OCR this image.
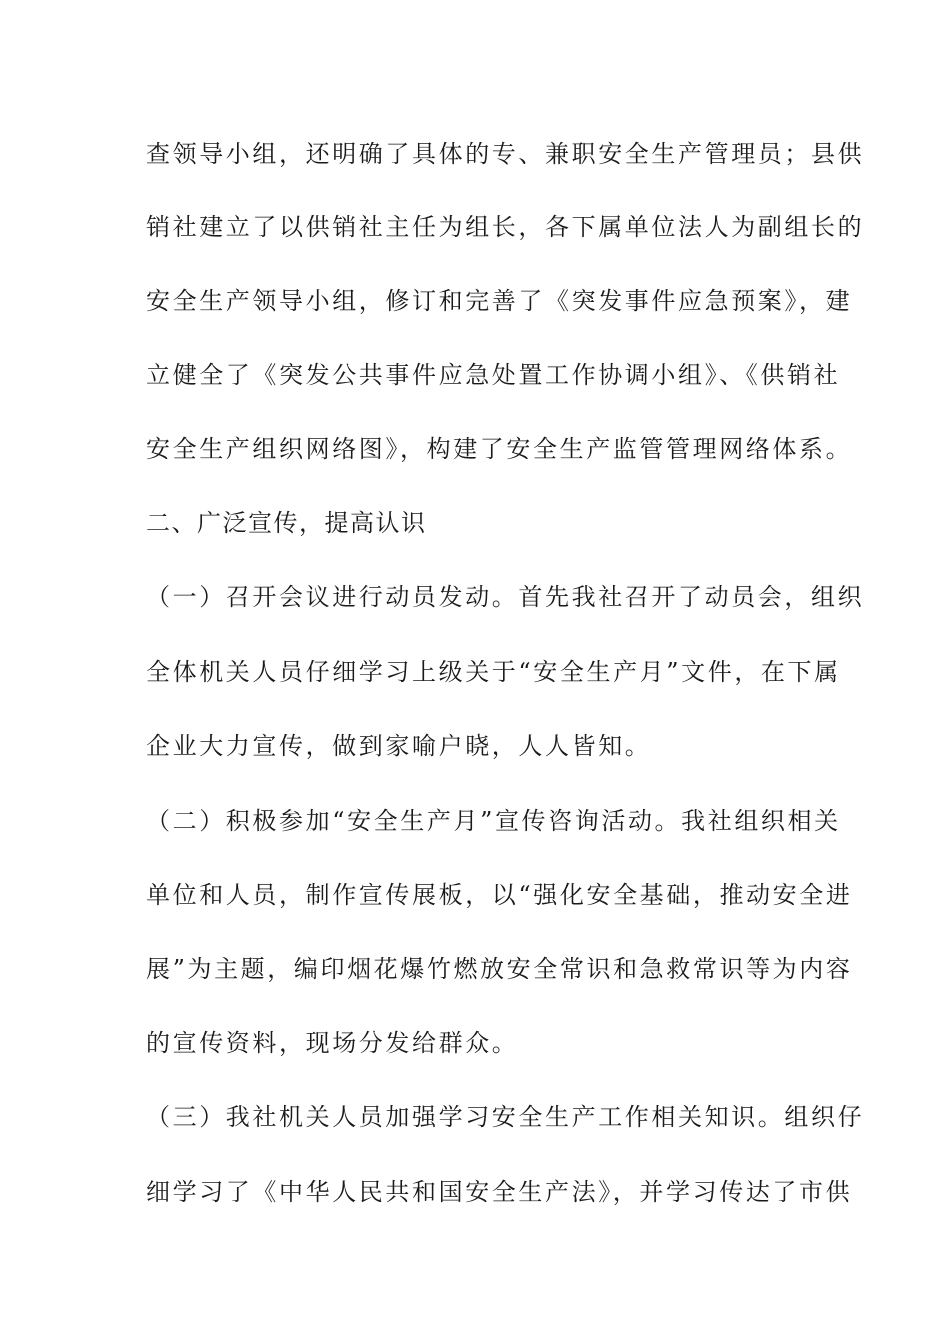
查领导小组，还明确了具体的专、兼职安全生产管理员；县供
销社建立了以供销社主任为组长，各下属单位法人为副组长的
安全生产领导小组，修订和完善了《突发事件应急预案》，建
立健全了《突发公共事件应急处置工作协调小组》、《供销社
安全生产组织网络图》，构建了安全生产监管管理网络体系。
二、广泛宣传，提高认识
（一）召开会议进行动员发动。首先我社召开了动员会，组织
全体机关人员仔细学习上级关于“安全生产月”文件，在下属
企业大力宣传，做到家喻户晓，人人皆知。
（二）积极参加“安全生产月”宣传咨询活动。我社组织相关
单位和人员，制作宣传展板，以“强化安全基础，推动安全进
展”为主题，编印烟花爆竹燃放安全常识和急救常识等为内容
的宣传资料，现场分发给群众。
（三）我社机关人员加强学习安全生产工作相关知识。组织仔
细学习了《中华人民共和国安全生产法》，并学习传达了市供
